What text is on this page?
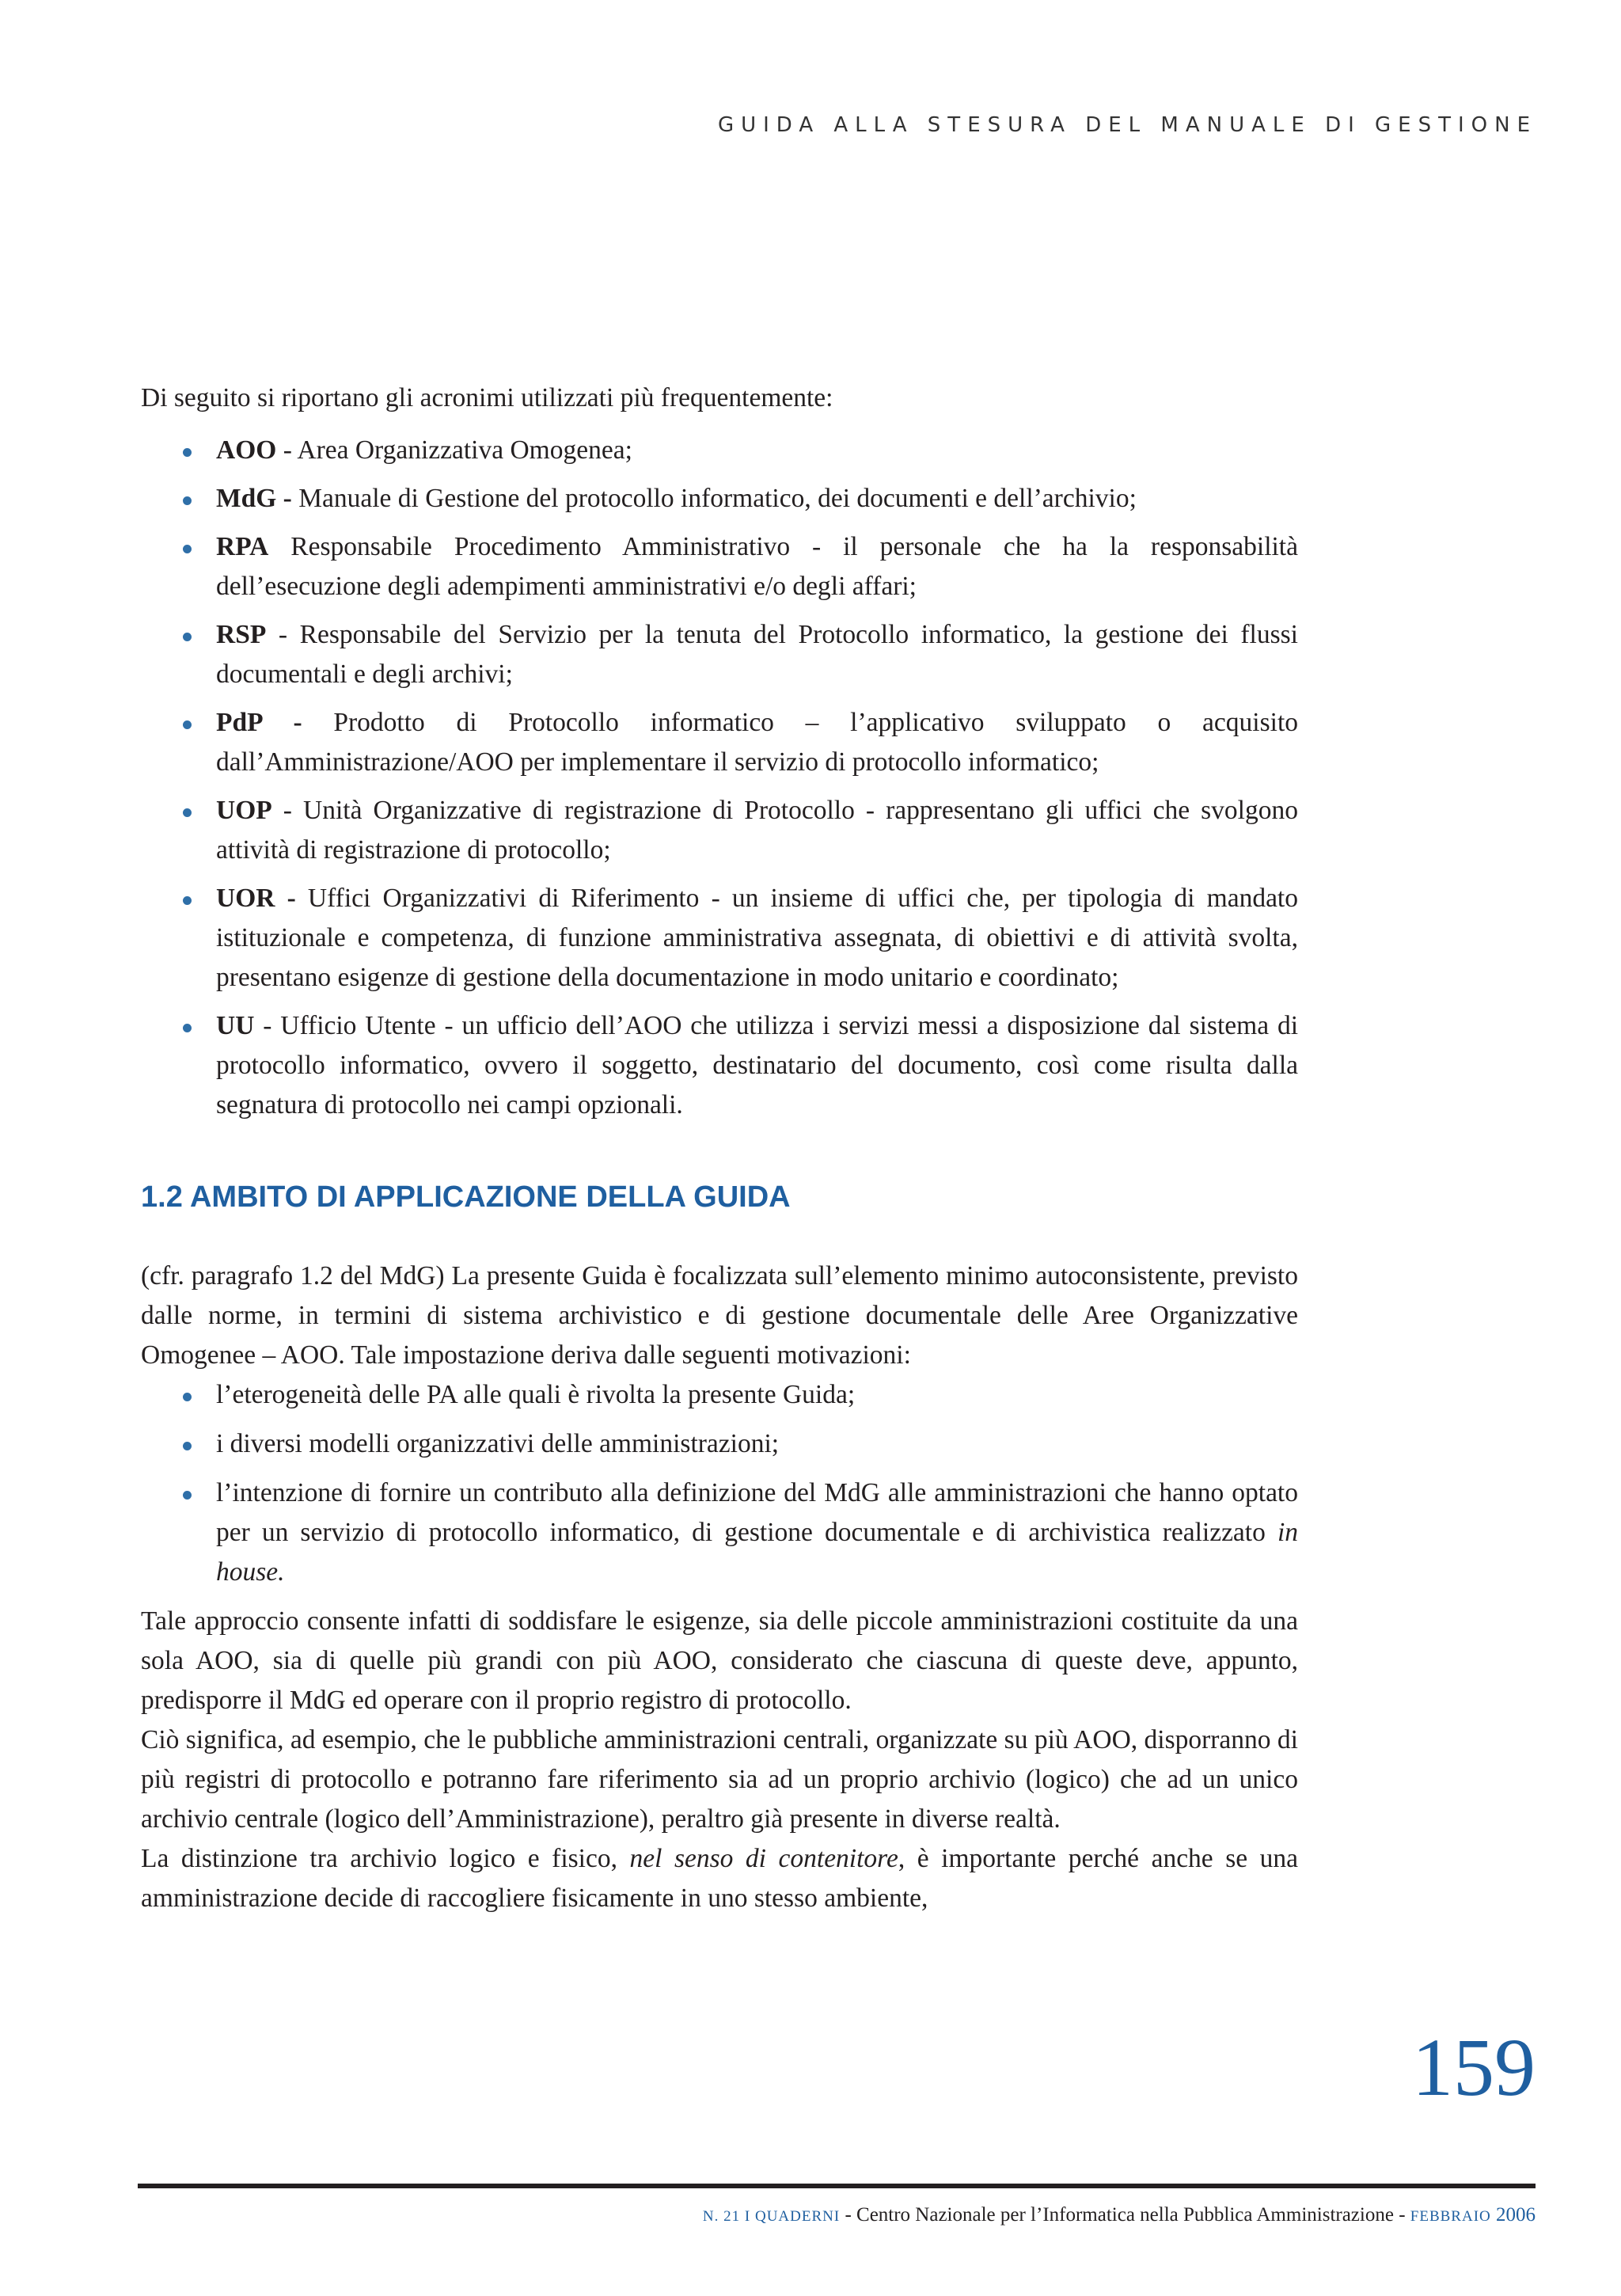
GUIDA ALLA STESURA DEL MANUALE DI GESTIONE

Di seguito si riportano gli acronimi utilizzati più frequentemente:

AOO - Area Organizzativa Omogenea;
MdG - Manuale di Gestione del protocollo informatico, dei documenti e dell’archivio;
RPA Responsabile Procedimento Amministrativo - il personale che ha la responsabilità dell’esecuzione degli adempimenti amministrativi e/o degli affari;
RSP - Responsabile del Servizio per la tenuta del Protocollo informatico, la gestione dei flussi documentali e degli archivi;
PdP - Prodotto di Protocollo informatico – l’applicativo sviluppato o acquisito dall’Amministrazione/AOO per implementare il servizio di protocollo informatico;
UOP - Unità Organizzative di registrazione di Protocollo - rappresentano gli uffici che svolgono attività di registrazione di protocollo;
UOR - Uffici Organizzativi di Riferimento - un insieme di uffici che, per tipologia di mandato istituzionale e competenza, di funzione amministrativa assegnata, di obiettivi e di attività svolta, presentano esigenze di gestione della documentazione in modo unitario e coordinato;
UU - Ufficio Utente - un ufficio dell’AOO che utilizza i servizi messi a disposizione dal sistema di protocollo informatico, ovvero il soggetto, destinatario del documento, così come risulta dalla segnatura di protocollo nei campi opzionali.
1.2 AMBITO DI APPLICAZIONE DELLA GUIDA

(cfr. paragrafo 1.2 del MdG) La presente Guida è focalizzata sull’elemento minimo autoconsistente, previsto dalle norme, in termini di sistema archivistico e di gestione documentale delle Aree Organizzative Omogenee – AOO. Tale impostazione deriva dalle seguenti motivazioni:

l’eterogeneità delle PA alle quali è rivolta la presente Guida;
i diversi modelli organizzativi delle amministrazioni;
l’intenzione di fornire un contributo alla definizione del MdG alle amministrazioni che hanno optato per un servizio di protocollo informatico, di gestione documentale e di archivistica realizzato in house.

Tale approccio consente infatti di soddisfare le esigenze, sia delle piccole amministrazioni costituite da una sola AOO, sia di quelle più grandi con più AOO, considerato che ciascuna di queste deve, appunto, predisporre il MdG ed operare con il proprio registro di protocollo.

Ciò significa, ad esempio, che le pubbliche amministrazioni centrali, organizzate su più AOO, disporranno di più registri di protocollo e potranno fare riferimento sia ad un proprio archivio (logico) che ad un unico archivio centrale (logico dell’Amministrazione), peraltro già presente in diverse realtà.

La distinzione tra archivio logico e fisico, nel senso di contenitore, è importante perché anche se una amministrazione decide di raccogliere fisicamente in uno stesso ambiente,

159
N. 21 I QUADERNI - Centro Nazionale per l’Informatica nella Pubblica Amministrazione - FEBBRAIO 2006
